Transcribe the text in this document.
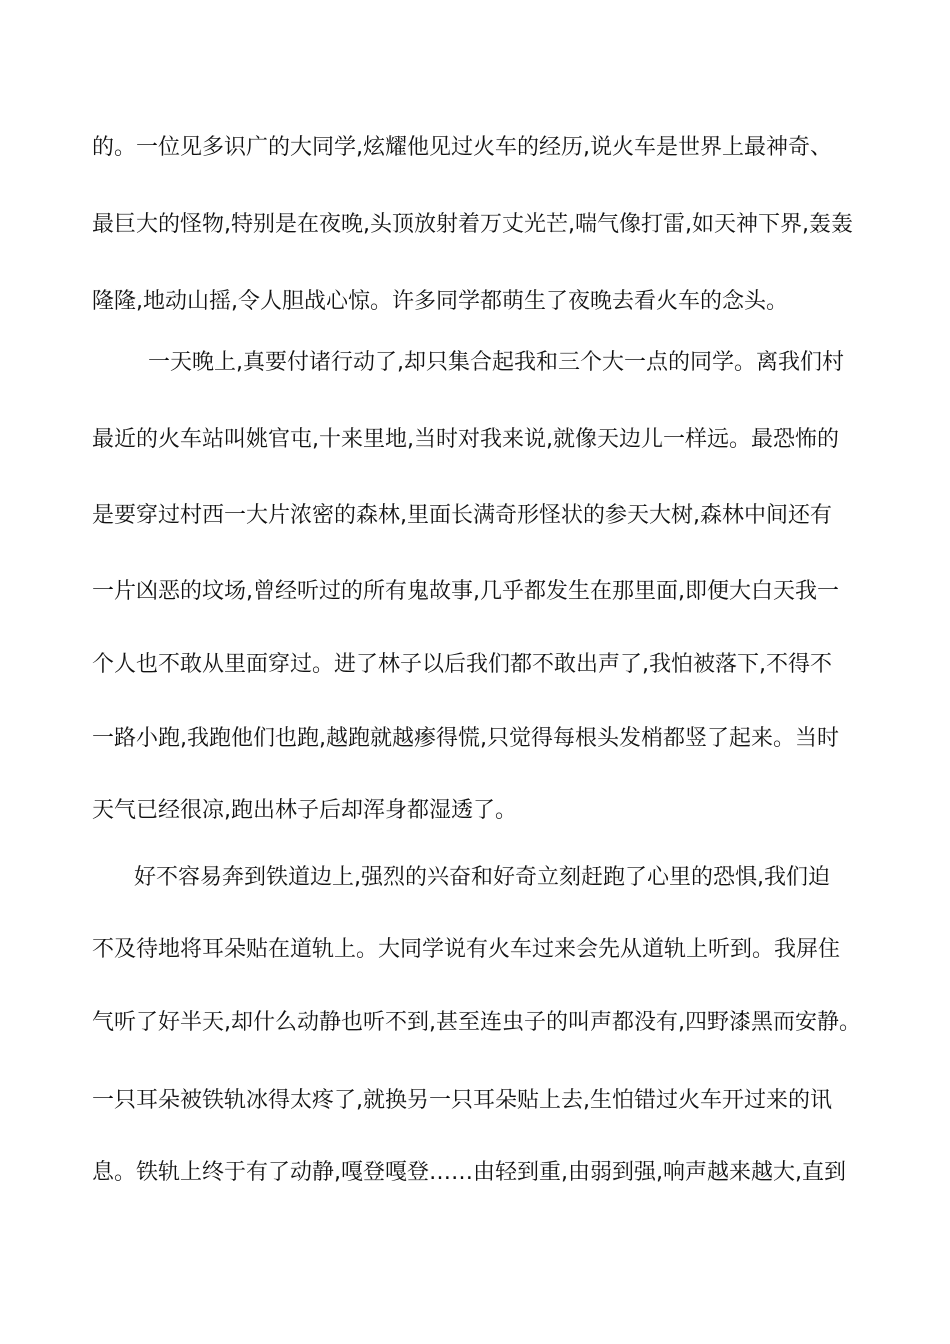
的。一位见多识广的大同学,炫耀他见过火车的经历,说火车是世界上最神奇、
最巨大的怪物,特别是在夜晚,头顶放射着万丈光芒,喘气像打雷,如天神下界,轰轰
隆隆,地动山摇,令人胆战心惊。许多同学都萌生了夜晚去看火车的念头。
一天晚上,真要付诸行动了,却只集合起我和三个大一点的同学。离我们村
最近的火车站叫姚官屯,十来里地,当时对我来说,就像天边儿一样远。最恐怖的
是要穿过村西一大片浓密的森林,里面长满奇形怪状的参天大树,森林中间还有
一片凶恶的坟场,曾经听过的所有鬼故事,几乎都发生在那里面,即便大白天我一
个人也不敢从里面穿过。进了林子以后我们都不敢出声了,我怕被落下,不得不
一路小跑,我跑他们也跑,越跑就越瘆得慌,只觉得每根头发梢都竖了起来。当时
天气已经很凉,跑出林子后却浑身都湿透了。
好不容易奔到铁道边上,强烈的兴奋和好奇立刻赶跑了心里的恐惧,我们迫
不及待地将耳朵贴在道轨上。大同学说有火车过来会先从道轨上听到。我屏住
气听了好半天,却什么动静也听不到,甚至连虫子的叫声都没有,四野漆黑而安静。
一只耳朵被铁轨冰得太疼了,就换另一只耳朵贴上去,生怕错过火车开过来的讯
息。铁轨上终于有了动静,嘎登嘎登……由轻到重,由弱到强,响声越来越大,直到
